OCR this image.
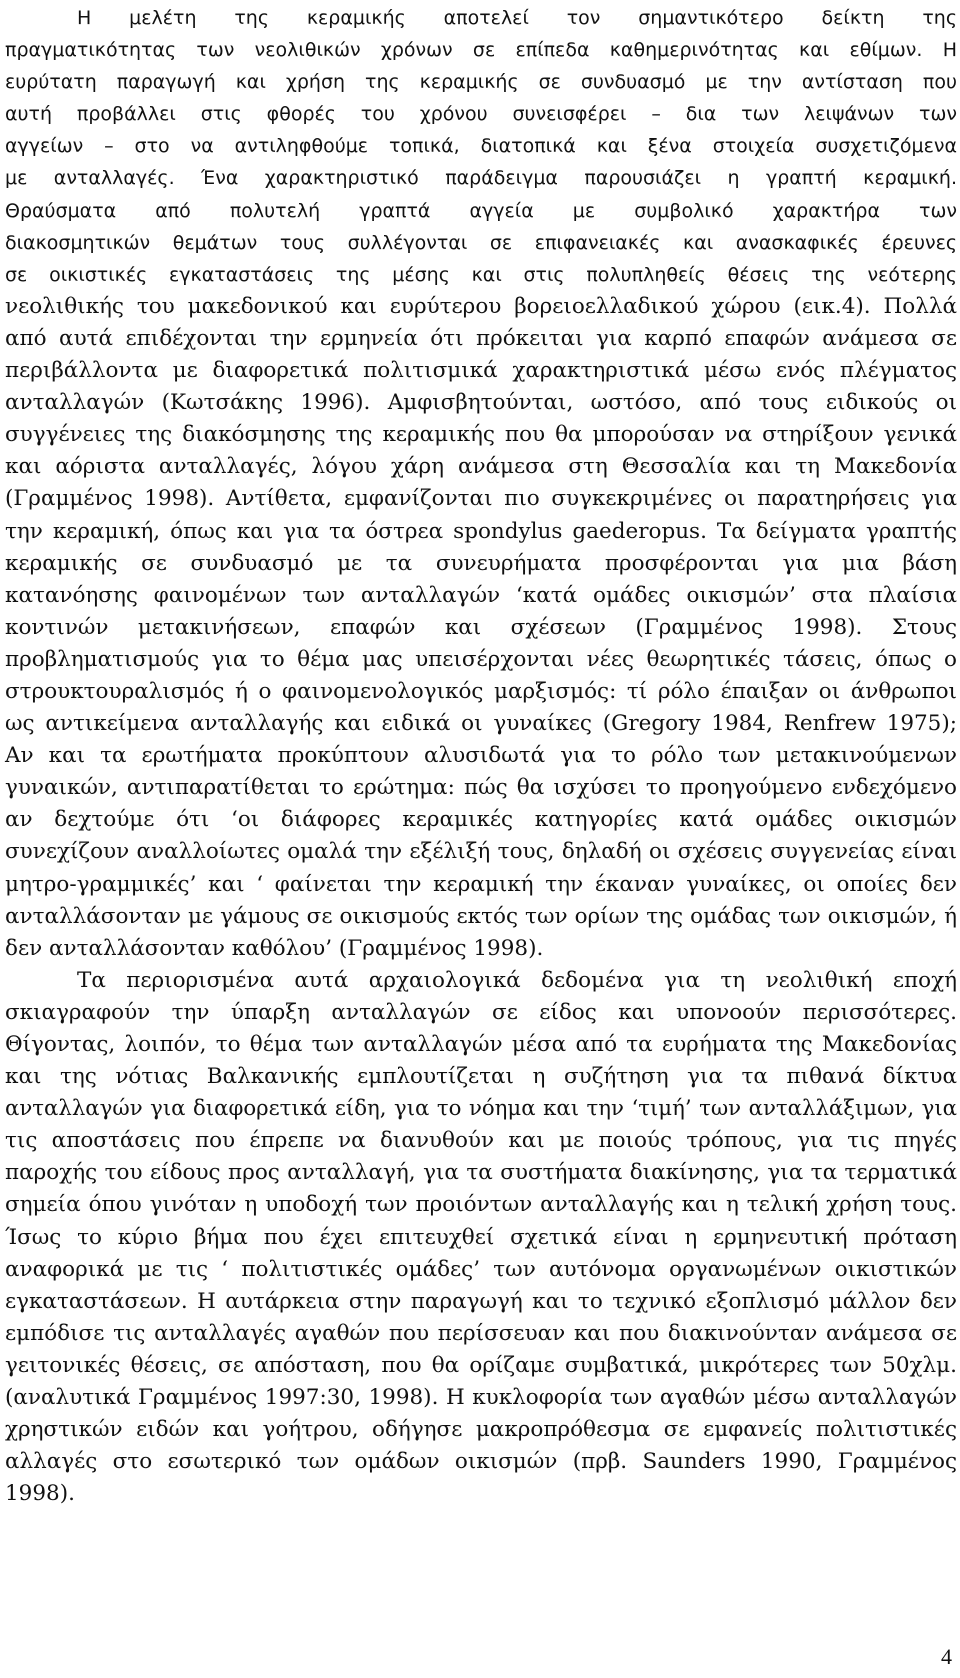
Η μελέτη της κεραμικής αποτελεί τον σημαντικότερο δείκτη της
πραγματικότητας των νεολιθικών χρόνων σε επίπεδα καθημερινότητας και εθίμων. Η
ευρύτατη παραγωγή και χρήση της κεραμικής σε συνδυασμό με την αντίσταση που
αυτή προβάλλει στις φθορές του χρόνου συνεισφέρει – δια των λειψάνων των
αγγείων – στο να αντιληφθούμε τοπικά, διατοπικά και ξένα στοιχεία συσχετιζόμενα
με ανταλλαγές. Ένα χαρακτηριστικό παράδειγμα παρουσιάζει η γραπτή κεραμική.
Θραύσματα από πολυτελή γραπτά αγγεία με συμβολικό χαρακτήρα των
διακοσμητικών θεμάτων τους συλλέγονται σε επιφανειακές και ανασκαφικές έρευνες
σε οικιστικές εγκαταστάσεις της μέσης και στις πολυπληθείς θέσεις της νεότερης
νεολιθικής του μακεδονικού και ευρύτερου βορειοελλαδικού χώρου (εικ.4). Πολλά
από αυτά επιδέχονται την ερμηνεία ότι πρόκειται για καρπό επαφών ανάμεσα σε
περιβάλλοντα με διαφορετικά πολιτισμικά χαρακτηριστικά μέσω ενός πλέγματος
ανταλλαγών (Κωτσάκης 1996). Αμφισβητούνται, ωστόσο, από τους ειδικούς οι
συγγένειες της διακόσμησης της κεραμικής που θα μπορούσαν να στηρίξουν γενικά
και αόριστα ανταλλαγές, λόγου χάρη ανάμεσα στη Θεσσαλία και τη Μακεδονία
(Γραμμένος 1998). Αντίθετα, εμφανίζονται πιο συγκεκριμένες οι παρατηρήσεις για
την κεραμική, όπως και για τα όστρεα spondylus gaederopus. Τα δείγματα γραπτής
κεραμικής σε συνδυασμό με τα συνευρήματα προσφέρονται για μια βάση
κατανόησης φαινομένων των ανταλλαγών ‘κατά ομάδες οικισμών’ στα πλαίσια
κοντινών μετακινήσεων, επαφών και σχέσεων (Γραμμένος 1998). Στους
προβληματισμούς για το θέμα μας υπεισέρχονται νέες θεωρητικές τάσεις, όπως ο
στρουκτουραλισμός ή ο φαινομενολογικός μαρξισμός: τί ρόλο έπαιξαν οι άνθρωποι
ως αντικείμενα ανταλλαγής και ειδικά οι γυναίκες (Gregory 1984, Renfrew 1975);
Αν και τα ερωτήματα προκύπτουν αλυσιδωτά για το ρόλο των μετακινούμενων
γυναικών, αντιπαρατίθεται το ερώτημα: πώς θα ισχύσει το προηγούμενο ενδεχόμενο
αν δεχτούμε ότι ‘οι διάφορες κεραμικές κατηγορίες κατά ομάδες οικισμών
συνεχίζουν αναλλοίωτες ομαλά την εξέλιξή τους, δηλαδή οι σχέσεις συγγενείας είναι
μητρο-γραμμικές’ και ‘ φαίνεται την κεραμική την έκαναν γυναίκες, οι οποίες δεν
ανταλλάσονταν με γάμους σε οικισμούς εκτός των ορίων της ομάδας των οικισμών, ή
δεν ανταλλάσονταν καθόλου’ (Γραμμένος 1998).
Τα περιορισμένα αυτά αρχαιολογικά δεδομένα για τη νεολιθική εποχή
σκιαγραφούν την ύπαρξη ανταλλαγών σε είδος και υπονοούν περισσότερες.
Θίγοντας, λοιπόν, το θέμα των ανταλλαγών μέσα από τα ευρήματα της Μακεδονίας
και της νότιας Βαλκανικής εμπλουτίζεται η συζήτηση για τα πιθανά δίκτυα
ανταλλαγών για διαφορετικά είδη, για το νόημα και την ‘τιμή’ των ανταλλάξιμων, για
τις αποστάσεις που έπρεπε να διανυθούν και με ποιούς τρόπους, για τις πηγές
παροχής του είδους προς ανταλλαγή, για τα συστήματα διακίνησης, για τα τερματικά
σημεία όπου γινόταν η υποδοχή των προιόντων ανταλλαγής και η τελική χρήση τους.
Ίσως το κύριο βήμα που έχει επιτευχθεί σχετικά είναι η ερμηνευτική πρόταση
αναφορικά με τις ‘ πολιτιστικές ομάδες’ των αυτόνομα οργανωμένων οικιστικών
εγκαταστάσεων. Η αυτάρκεια στην παραγωγή και το τεχνικό εξοπλισμό μάλλον δεν
εμπόδισε τις ανταλλαγές αγαθών που περίσσευαν και που διακινούνταν ανάμεσα σε
γειτονικές θέσεις, σε απόσταση, που θα ορίζαμε συμβατικά, μικρότερες των 50χλμ.
(αναλυτικά Γραμμένος 1997:30, 1998). Η κυκλοφορία των αγαθών μέσω ανταλλαγών
χρηστικών ειδών και γοήτρου, οδήγησε μακροπρόθεσμα σε εμφανείς πολιτιστικές
αλλαγές στο εσωτερικό των ομάδων οικισμών (πρβ. Saunders 1990, Γραμμένος
1998).
4
